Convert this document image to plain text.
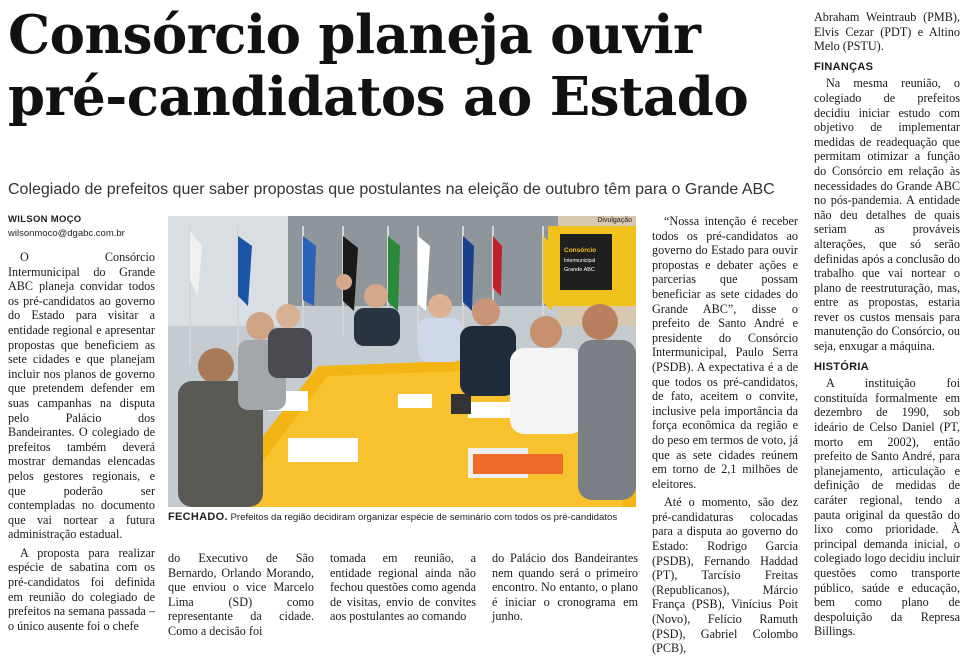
Consórcio planeja ouvir
pré-candidatos ao Estado
Colegiado de prefeitos quer saber propostas que postulantes na eleição de outubro têm para o Grande ABC
WILSON MOÇO
wilsonmoco@dgabc.com.br

O Consórcio Intermunicipal do Grande ABC planeja convidar todos os pré-candidatos ao governo do Estado para visitar a entidade regional e apresentar propostas que beneficiem as sete cidades e que planejam incluir nos planos de governo que pretendem defender em suas campanhas na disputa pelo Palácio dos Bandeirantes. O colegiado de prefeitos também deverá mostrar demandas elencadas pelos gestores regionais, e que poderão ser contempladas no documento que vai nortear a futura administração estadual.

A proposta para realizar espécie de sabatina com os pré-candidatos foi definida em reunião do colegiado de prefeitos na semana passada – o único ausente foi o chefe

Consórcio
Intermunicipal
Grande ABC
Divulgação
FECHADO. Prefeitos da região decidiram organizar espécie de seminário com todos os pré-candidatos

do Executivo de São Bernardo, Orlando Morando, que enviou o vice Marcelo Lima (SD) como representante da cidade. Como a decisão foi

tomada em reunião, a entidade regional ainda não fechou questões como agenda de visitas, envio de convites aos postulantes ao comando

“Nossa intenção é receber todos os pré-candidatos ao governo do Estado para ouvir propostas e debater ações e parcerias que possam beneficiar as sete cidades do Grande ABC”, disse o prefeito de Santo André e presidente do Consórcio Intermunicipal, Paulo Serra (PSDB). A expectativa é a de que todos os pré-candidatos, de fato, aceitem o convite, inclusive pela importância da força econômica da região e do peso em termos de voto, já que as sete cidades reúnem em torno de 2,1 milhões de eleitores.

Até o momento, são dez pré-candidaturas colocadas para a disputa ao governo do Estado: Rodrigo Garcia (PSDB), Fernando Haddad (PT), Tarcísio Freitas (Republicanos), Márcio França (PSB), Vinícius Poit (Novo), Felício Ramuth (PSD), Gabriel Colombo (PCB),

do Palácio dos Bandeirantes nem quando será o primeiro encontro. No entanto, o plano é iniciar o cronograma em junho.

Abraham Weintraub (PMB), Elvis Cezar (PDT) e Altino Melo (PSTU).

FINANÇAS

Na mesma reunião, o colegiado de prefeitos decidiu iniciar estudo com objetivo de implementar medidas de readequação que permitam otimizar a função do Consórcio em relação às necessidades do Grande ABC no pós-pandemia. A entidade não deu detalhes de quais seriam as prováveis alterações, que só serão definidas após a conclusão do trabalho que vai nortear o plano de reestruturação, mas, entre as propostas, estaria rever os custos mensais para manutenção do Consórcio, ou seja, enxugar a máquina.

HISTÓRIA

A instituição foi constituída formalmente em dezembro de 1990, sob ideário de Celso Daniel (PT, morto em 2002), então prefeito de Santo André, para planejamento, articulação e definição de medidas de caráter regional, tendo a pauta original da questão do lixo como prioridade. À principal demanda inicial, o colegiado logo decidiu incluir questões como transporte público, saúde e educação, bem como plano de despoluição da Represa Billings.
